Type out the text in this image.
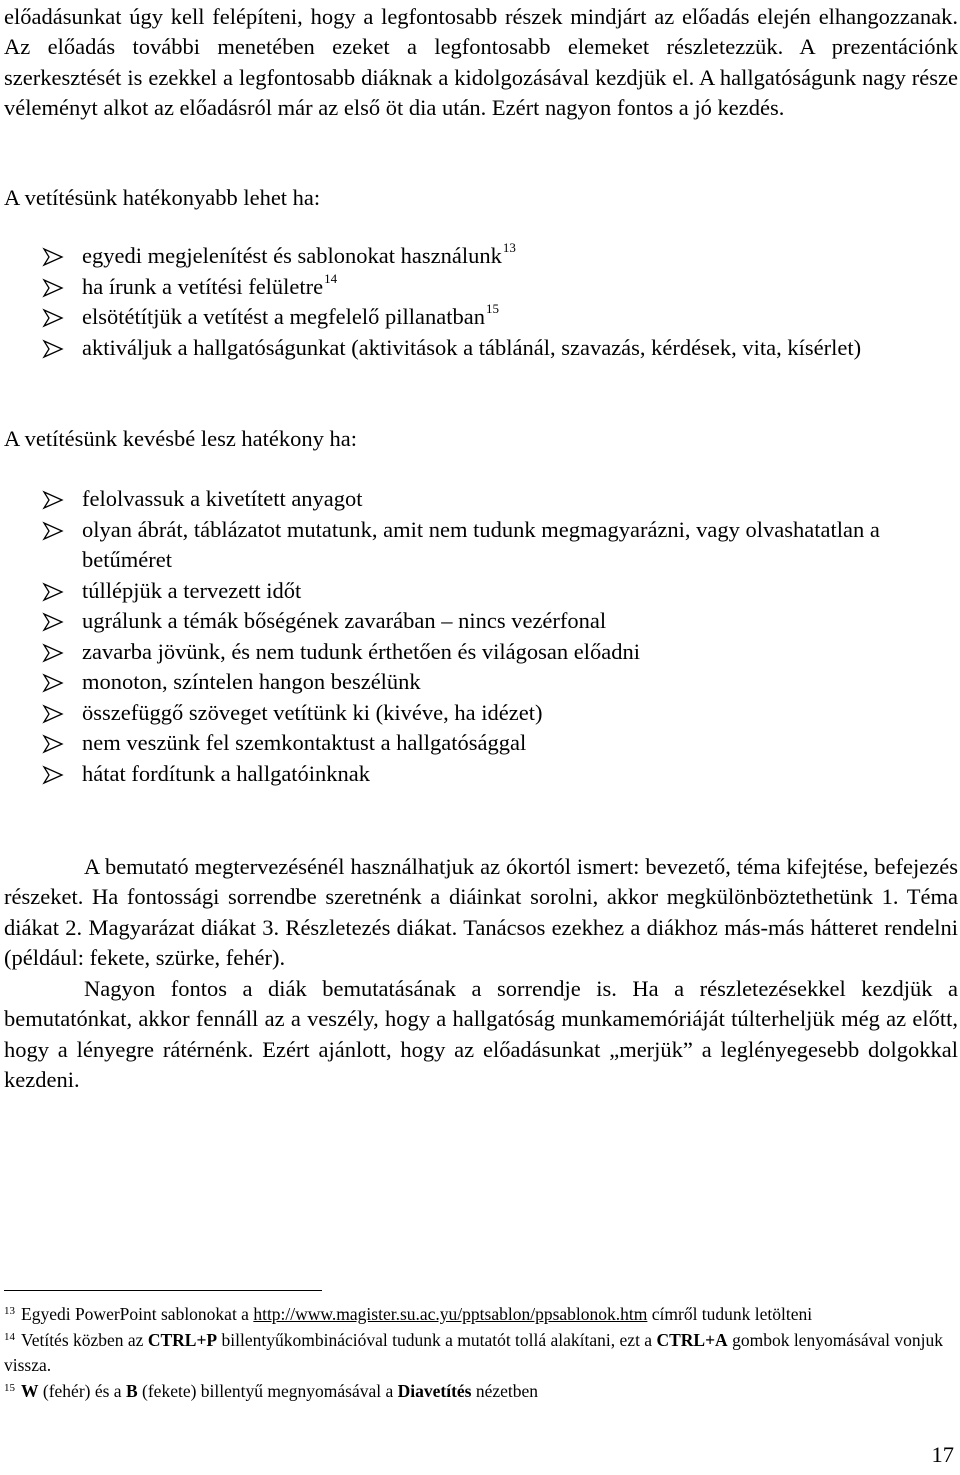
előadásunkat úgy kell felépíteni, hogy a legfontosabb részek mindjárt az előadás elején elhangozzanak. Az előadás további menetében ezeket a legfontosabb elemeket részletezzük. A prezentációnk szerkesztését is ezekkel a legfontosabb diáknak a kidolgozásával kezdjük el. A hallgatóságunk nagy része véleményt alkot az előadásról már az első öt dia után. Ezért nagyon fontos a jó kezdés.

A vetítésünk hatékonyabb lehet ha:

egyedi megjelenítést és sablonokat használunk$^{13}$
ha írunk a vetítési felületre$^{14}$
elsötétítjük a vetítést a megfelelő pillanatban$^{15}$
aktiváljuk a hallgatóságunkat (aktivitások a táblánál, szavazás, kérdések, vita, kísérlet)

A vetítésünk kevésbé lesz hatékony ha:

felolvassuk a kivetített anyagot
olyan ábrát, táblázatot mutatunk, amit nem tudunk megmagyarázni, vagy olvashatatlan a betűméret
túllépjük a tervezett időt
ugrálunk a témák bőségének zavarában – nincs vezérfonal
zavarba jövünk, és nem tudunk érthetően és világosan előadni
monoton, színtelen hangon beszélünk
összefüggő szöveget vetítünk ki (kivéve, ha idézet)
nem veszünk fel szemkontaktust a hallgatósággal
hátat fordítunk a hallgatóinknak

A bemutató megtervezésénél használhatjuk az ókortól ismert: bevezető, téma kifejtése, befejezés részeket. Ha fontossági sorrendbe szeretnénk a diáinkat sorolni, akkor megkülönböztethetünk 1. Téma diákat 2. Magyarázat diákat 3. Részletezés diákat. Tanácsos ezekhez a diákhoz más-más hátteret rendelni (például: fekete, szürke, fehér).

Nagyon fontos a diák bemutatásának a sorrendje is. Ha a részletezésekkel kezdjük a bemutatónkat, akkor fennáll az a veszély, hogy a hallgatóság munkamemóriáját túlterheljük még az előtt, hogy a lényegre rátérnénk. Ezért ajánlott, hogy az előadásunkat „merjük” a leglényegesebb dolgokkal kezdeni.

$^{13}$ Egyedi PowerPoint sablonokat a http://www.magister.su.ac.yu/pptsablon/ppsablonok.htm címről tudunk letölteni

$^{14}$ Vetítés közben az CTRL+P billentyűkombinációval tudunk a mutatót tollá alakítani, ezt a CTRL+A gombok lenyomásával vonjuk vissza.

$^{15}$ W (fehér) és a B (fekete) billentyű megnyomásával a Diavetítés nézetben

17
